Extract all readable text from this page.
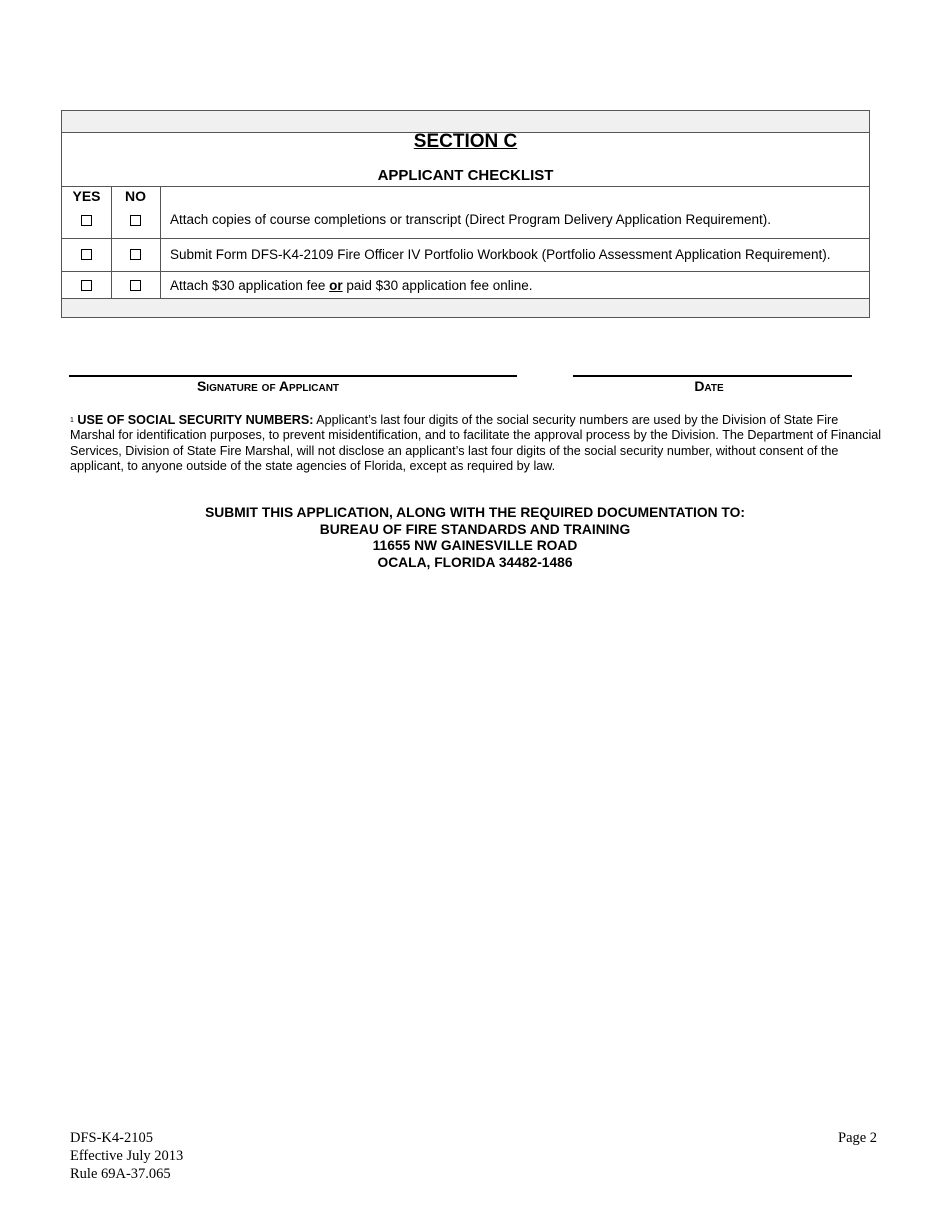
SECTION C
APPLICANT CHECKLIST
YES	NO
Attach copies of course completions or transcript (Direct Program Delivery Application Requirement).
Submit Form DFS-K4-2109 Fire Officer IV Portfolio Workbook (Portfolio Assessment Application Requirement).
Attach $30 application fee or paid $30 application fee online.
Signature of Applicant	Date
$^1$ USE OF SOCIAL SECURITY NUMBERS: Applicant’s last four digits of the social security numbers are used by the Division of State Fire Marshal for identification purposes, to prevent misidentification, and to facilitate the approval process by the Division. The Department of Financial Services, Division of State Fire Marshal, will not disclose an applicant’s last four digits of the social security number, without consent of the applicant, to anyone outside of the state agencies of Florida, except as required by law.
SUBMIT THIS APPLICATION, ALONG WITH THE REQUIRED DOCUMENTATION TO:
BUREAU OF FIRE STANDARDS AND TRAINING
11655 NW GAINESVILLE ROAD
OCALA, FLORIDA 34482-1486
DFS-K4-2105
Effective July 2013
Rule 69A-37.065
Page 2
